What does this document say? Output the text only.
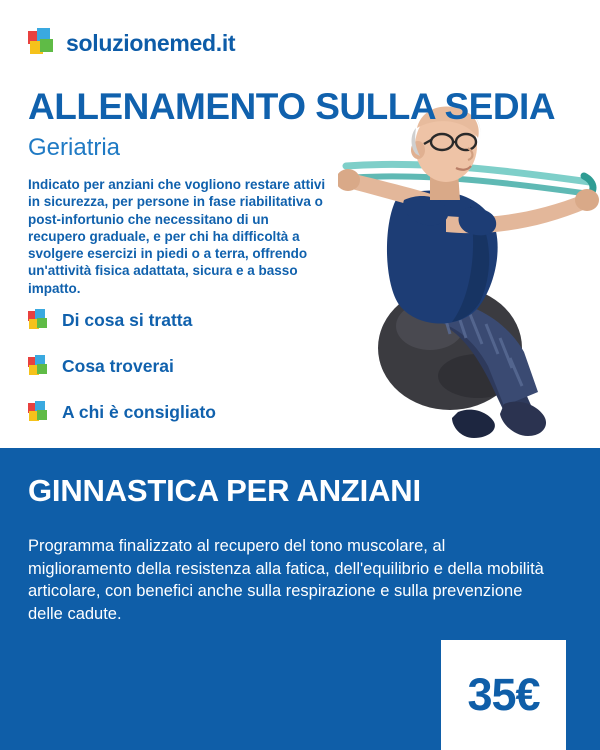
soluzionemed.it
ALLENAMENTO SULLA SEDIA
Geriatria
Indicato per anziani che vogliono restare attivi in sicurezza, per persone in fase riabilitativa o post-infortunio che necessitano di un recupero graduale, e per chi ha difficoltà a svolgere esercizi in piedi o a terra, offrendo un'attività fisica adattata, sicura e a basso impatto.
Di cosa si tratta
Cosa troverai
A chi è consigliato
GINNASTICA PER ANZIANI
Programma finalizzato al recupero del tono muscolare, al miglioramento della resistenza alla fatica, dell'equilibrio e della mobilità articolare, con benefici anche sulla respirazione e sulla prevenzione delle cadute.
35€
